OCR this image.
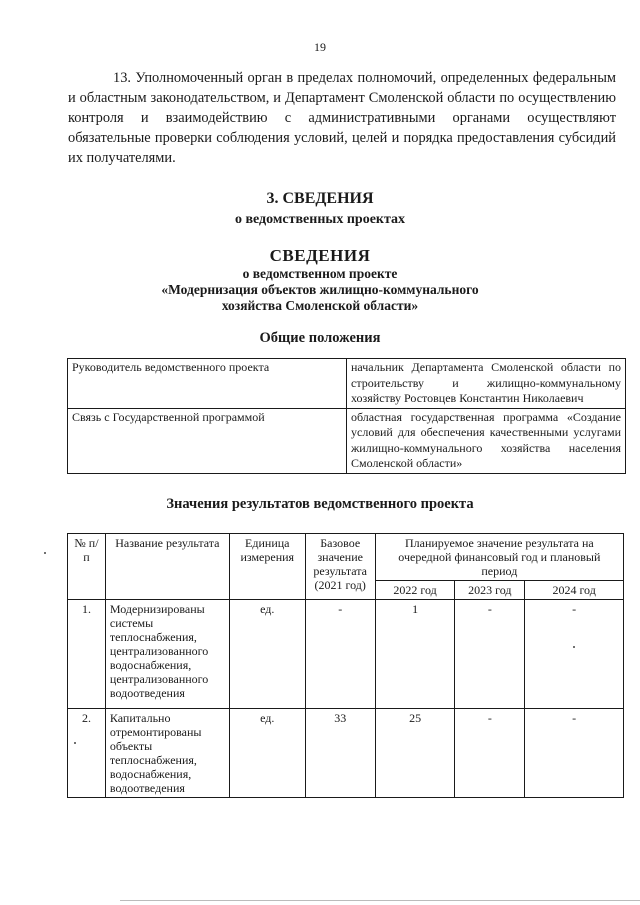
19
13. Уполномоченный орган в пределах полномочий, определенных федеральным и областным законодательством, и Департамент Смоленской области по осуществлению контроля и взаимодействию с административными органами осуществляют обязательные проверки соблюдения условий, целей и порядка предоставления субсидий их получателями.
3. СВЕДЕНИЯ
о ведомственных проектах
СВЕДЕНИЯ
о ведомственном проекте
«Модернизация объектов жилищно-коммунального
хозяйства Смоленской области»
Общие положения
Руководитель ведомственного проекта	начальник Департамента Смоленской области по строительству и жилищно-коммунальному хозяйству Ростовцев Константин Николаевич
Связь с Государственной программой	областная государственная программа «Создание условий для обеспечения качественными услугами жилищно-коммунального хозяйства населения Смоленской области»
Значения результатов ведомственного проекта
№ п/п	Название результата	Единица измерения	Базовое значение результата (2021 год)	Планируемое значение результата на очередной финансовый год и плановый период		
				2022 год	2023 год	2024 год
1.	Модернизированы системы теплоснабжения, централизованного водоснабжения, централизованного водоотведения	ед.	-	1	-	-
2.	Капитально отремонтированы объекты теплоснабжения, водоснабжения, водоотведения	ед.	33	25	-	-
